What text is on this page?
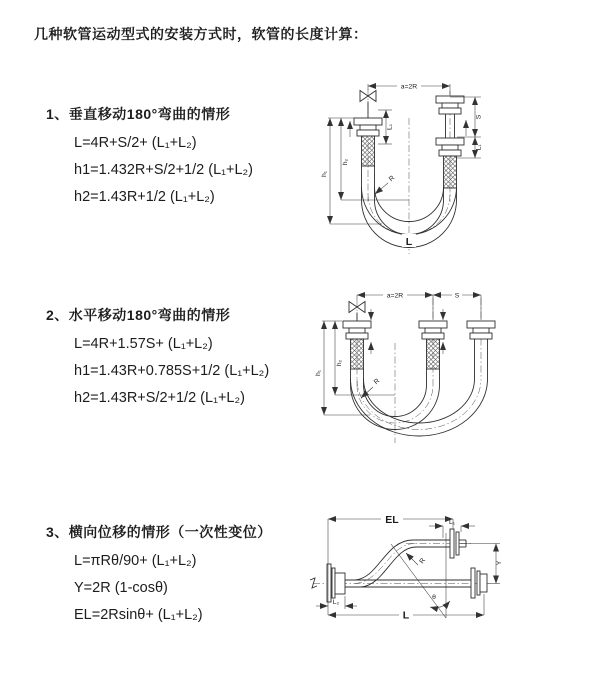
几种软管运动型式的安装方式时，软管的长度计算：
1、垂直移动180°弯曲的情形
L=4R+S/2+ (L₁+L₂)
h1=1.432R+S/2+1/2 (L₁+L₂)
h2=1.43R+1/2 (L₁+L₂)
2、水平移动180°弯曲的情形
L=4R+1.57S+ (L₁+L₂)
h1=1.43R+0.785S+1/2 (L₁+L₂)
h2=1.43R+S/2+1/2 (L₁+L₂)
3、横向位移的情形（一次性变位）
L=πRθ/90+ (L₁+L₂)
Y=2R (1-cosθ)
EL=2Rsinθ+ (L₁+L₂)
a=2R
h₁
h₂
L₁
S
L₁
R
L
a=2R	S
h₁
h₂
R
θ
EL	L₁
Y
R
L
L₂
